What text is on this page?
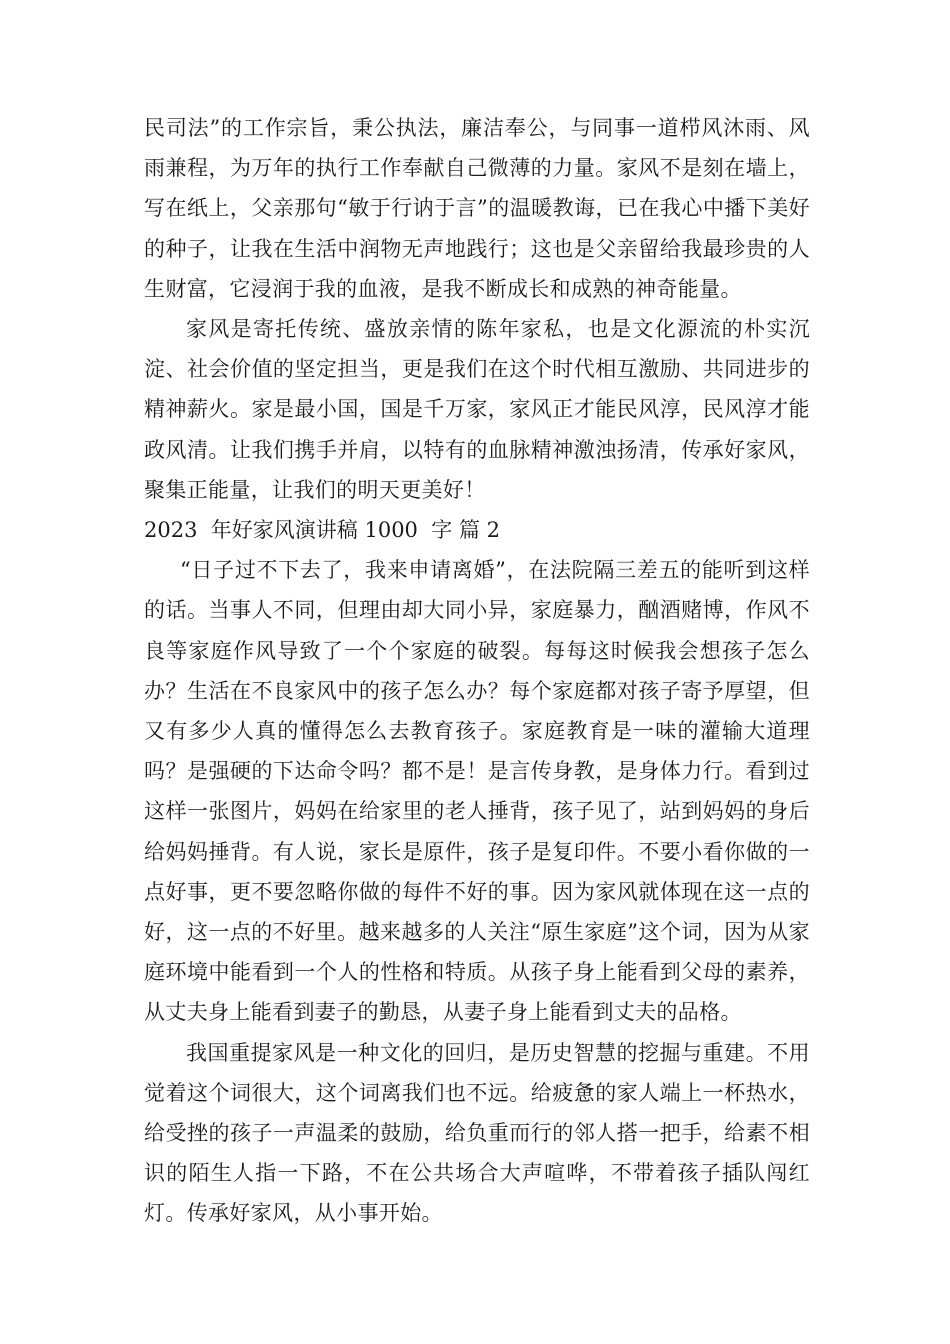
民司法”的工作宗旨，秉公执法，廉洁奉公，与同事一道栉风沐雨、风雨兼程，为万年的执行工作奉献自己微薄的力量。家风不是刻在墙上，写在纸上，父亲那句“敏于行讷于言”的温暖教诲，已在我心中播下美好的种子，让我在生活中润物无声地践行；这也是父亲留给我最珍贵的人生财富，它浸润于我的血液，是我不断成长和成熟的神奇能量。

家风是寄托传统、盛放亲情的陈年家私，也是文化源流的朴实沉淀、社会价值的坚定担当，更是我们在这个时代相互激励、共同进步的精神薪火。家是最小国，国是千万家，家风正才能民风淳，民风淳才能政风清。让我们携手并肩，以特有的血脉精神激浊扬清，传承好家风，聚集正能量，让我们的明天更美好！

2023  年好家风演讲稿 1000  字 篇 2

“日子过不下去了，我来申请离婚”，在法院隔三差五的能听到这样的话。当事人不同，但理由却大同小异，家庭暴力，酗酒赌博，作风不良等家庭作风导致了一个个家庭的破裂。每每这时候我会想孩子怎么办？生活在不良家风中的孩子怎么办？每个家庭都对孩子寄予厚望，但又有多少人真的懂得怎么去教育孩子。家庭教育是一味的灌输大道理吗？是强硬的下达命令吗？都不是！是言传身教，是身体力行。看到过这样一张图片，妈妈在给家里的老人捶背，孩子见了，站到妈妈的身后给妈妈捶背。有人说，家长是原件，孩子是复印件。不要小看你做的一点好事，更不要忽略你做的每件不好的事。因为家风就体现在这一点的好，这一点的不好里。越来越多的人关注“原生家庭”这个词，因为从家庭环境中能看到一个人的性格和特质。从孩子身上能看到父母的素养，从丈夫身上能看到妻子的勤恳，从妻子身上能看到丈夫的品格。

我国重提家风是一种文化的回归，是历史智慧的挖掘与重建。不用觉着这个词很大，这个词离我们也不远。给疲惫的家人端上一杯热水，给受挫的孩子一声温柔的鼓励，给负重而行的邻人搭一把手，给素不相识的陌生人指一下路，不在公共场合大声喧哗，不带着孩子插队闯红灯。传承好家风，从小事开始。
